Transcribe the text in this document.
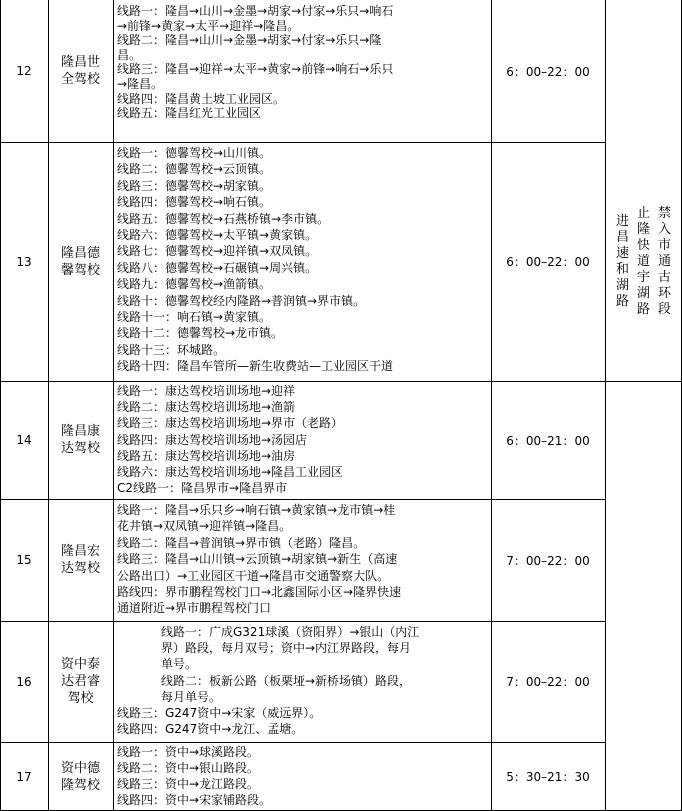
12
隆昌世
全驾校
线路一：隆昌→山川→金墨→胡家→付家→乐只→响石
→前锋→黄家→太平→迎祥→隆昌。
线路二：隆昌→山川→金墨→胡家→付家→乐只→隆
昌。
线路三：隆昌→迎祥→太平→黄家→前锋→响石→乐只
→隆昌。
线路四：隆昌黄土坡工业园区。
线路五：隆昌红光工业园区
6：00–22：00
13
隆昌德
馨驾校
线路一：德馨驾校→山川镇。
线路二：德馨驾校→云顶镇。
线路三：德馨驾校→胡家镇。
线路四：德馨驾校→响石镇。
线路五：德馨驾校→石燕桥镇→李市镇。
线路六：德馨驾校→太平镇→黄家镇。
线路七：德馨驾校→迎祥镇→双凤镇。
线路八：德馨驾校→石碾镇→周兴镇。
线路九：德馨驾校→渔箭镇。
线路十：德馨驾校经内隆路→普润镇→界市镇。
线路十一：响石镇→黄家镇。
线路十二：德馨驾校→龙市镇。
线路十三：环城路。
线路十四：隆昌车管所—新生收费站—工业园区干道
6：00–22：00
禁
入
市
通
古
环
段
止
隆
快
道
宇
湖
路
进
昌
速
和
湖
路
14
隆昌康
达驾校
线路一：康达驾校培训场地→迎祥
线路二：康达驾校培训场地→渔箭
线路三：康达驾校培训场地→界市（老路）
线路四：康达驾校培训场地→汤园店
线路五：康达驾校培训场地→油房
线路六：康达驾校培训场地→隆昌工业园区
C2线路一：隆昌界市→隆昌界市
6：00–21：00
15
隆昌宏
达驾校
线路一：隆昌→乐只乡→响石镇→黄家镇→龙市镇→桂
花井镇→双凤镇→迎祥镇→隆昌。
线路二：隆昌→普润镇→界市镇（老路）隆昌。
线路三：隆昌→山川镇→云顶镇→胡家镇→新生（高速
公路出口）→工业园区干道→隆昌市交通警察大队。
路线四：界市鹏程驾校门口→北鑫国际小区→隆界快速
通道附近→界市鹏程驾校门口
7：00–22：00
16
资中泰
达君睿
驾校
线路一：广成G321球溪（资阳界）→银山（内江
界）路段，每月双号；资中→内江界路段，每月
单号。
线路二：板新公路（板栗垭→新桥场镇）路段，
每月单号。
线路三：G247资中→宋家（威远界）。
线路四：G247资中→龙江、孟塘。
7：00–22：00
17
资中德
隆驾校
线路一：资中→球溪路段。
线路二：资中→银山路段。
线路三：资中→龙江路段。
线路四：资中→宋家铺路段。
5：30–21：30
